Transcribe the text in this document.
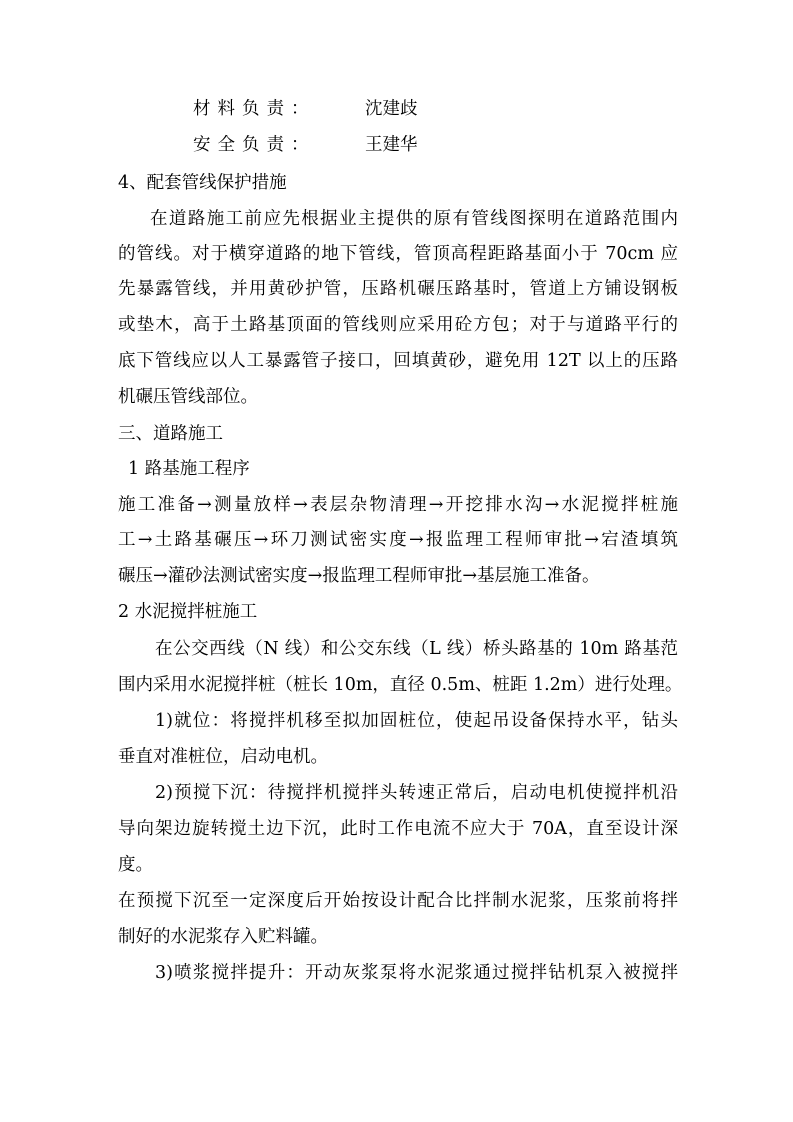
材料负责：	沈建歧
安全负责：	王建华
4、配套管线保护措施
在道路施工前应先根据业主提供的原有管线图探明在道路范围内
的管线。对于横穿道路的地下管线，管顶高程距路基面小于 70cm 应
先暴露管线，并用黄砂护管，压路机碾压路基时，管道上方铺设钢板
或垫木，高于土路基顶面的管线则应采用砼方包；对于与道路平行的
底下管线应以人工暴露管子接口，回填黄砂，避免用 12T 以上的压路
机碾压管线部位。
三、道路施工
1 路基施工程序
施工准备→测量放样→表层杂物清理→开挖排水沟→水泥搅拌桩施
工→土路基碾压→环刀测试密实度→报监理工程师审批→宕渣填筑
碾压→灌砂法测试密实度→报监理工程师审批→基层施工准备。
2 水泥搅拌桩施工
在公交西线（N 线）和公交东线（L 线）桥头路基的 10m 路基范
围内采用水泥搅拌桩（桩长 10m，直径 0.5m、桩距 1.2m）进行处理。
1)就位：将搅拌机移至拟加固桩位，使起吊设备保持水平，钻头
垂直对准桩位，启动电机。
2)预搅下沉：待搅拌机搅拌头转速正常后，启动电机使搅拌机沿
导向架边旋转搅土边下沉，此时工作电流不应大于 70A，直至设计深
度。
在预搅下沉至一定深度后开始按设计配合比拌制水泥浆，压浆前将拌
制好的水泥浆存入贮料罐。
3)喷浆搅拌提升：开动灰浆泵将水泥浆通过搅拌钻机泵入被搅拌
